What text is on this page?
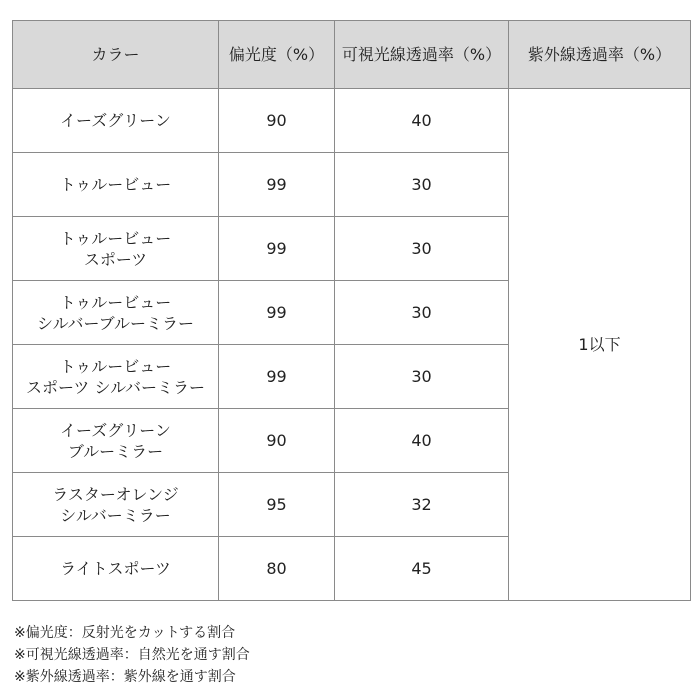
カラー	偏光度（%）	可視光線透過率（%）	紫外線透過率（%）

イーズグリーン	90	40	1以下

トゥルービュー	99	30	

トゥルービュー
スポーツ	99	30	

トゥルービュー
シルバーブルーミラー	99	30	

トゥルービュー
スポーツ シルバーミラー	99	30	

イーズグリーン
ブルーミラー	90	40	

ラスターオレンジ
シルバーミラー	95	32	

ライトスポーツ	80	45	
※偏光度：反射光をカットする割合
※可視光線透過率：自然光を通す割合
※紫外線透過率：紫外線を通す割合
